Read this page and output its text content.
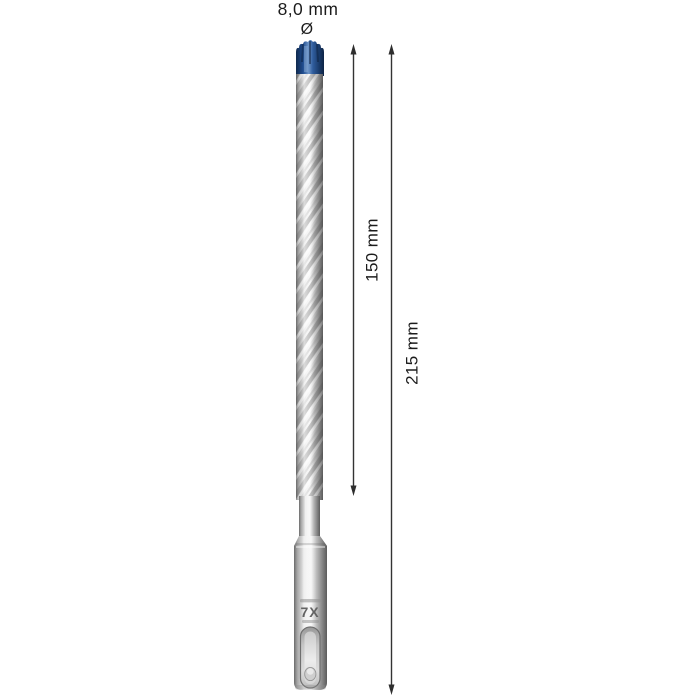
7X
8,0 mm
Ø
150 mm
215 mm
